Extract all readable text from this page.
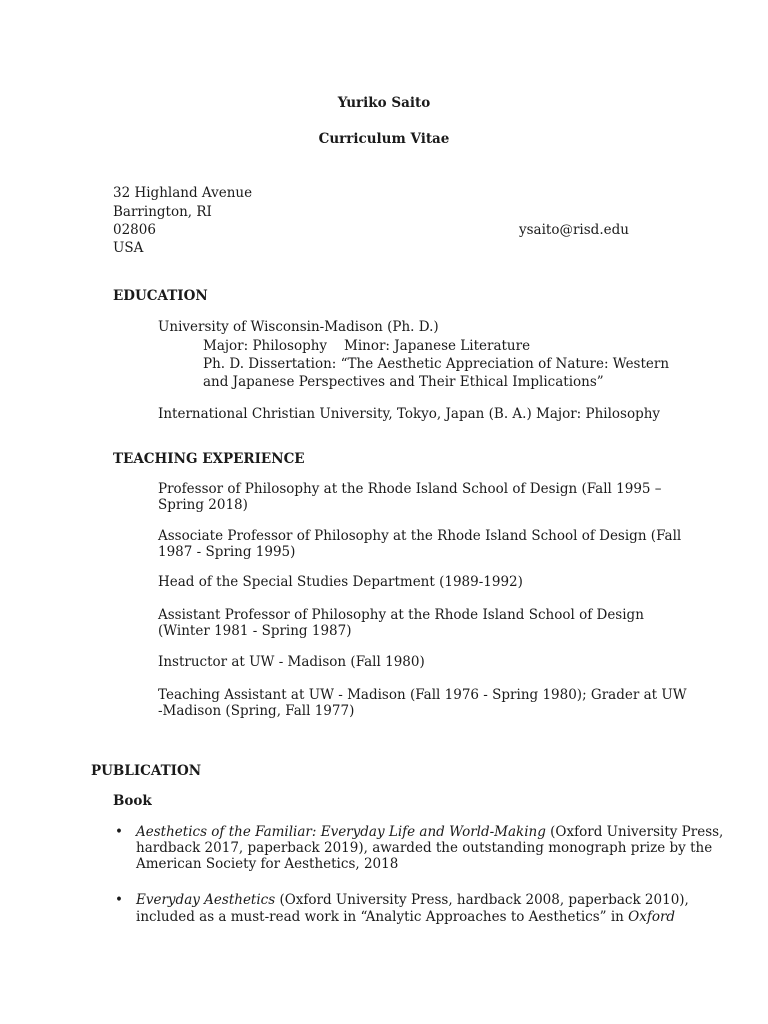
Yuriko Saito
Curriculum Vitae
32 Highland Avenue
Barrington, RI
02806
USA
ysaito@risd.edu
EDUCATION
University of Wisconsin-Madison (Ph. D.)
Major: Philosophy Minor: Japanese Literature
Ph. D. Dissertation: “The Aesthetic Appreciation of Nature: Western
and Japanese Perspectives and Their Ethical Implications”
International Christian University, Tokyo, Japan (B. A.) Major: Philosophy
TEACHING EXPERIENCE
Professor of Philosophy at the Rhode Island School of Design (Fall 1995 –
Spring 2018)
Associate Professor of Philosophy at the Rhode Island School of Design (Fall
1987 - Spring 1995)
Head of the Special Studies Department (1989-1992)
Assistant Professor of Philosophy at the Rhode Island School of Design
(Winter 1981 - Spring 1987)
Instructor at UW - Madison (Fall 1980)
Teaching Assistant at UW - Madison (Fall 1976 - Spring 1980); Grader at UW
-Madison (Spring, Fall 1977)
PUBLICATION
Book
• Aesthetics of the Familiar: Everyday Life and World-Making (Oxford University Press,
hardback 2017, paperback 2019), awarded the outstanding monograph prize by the
American Society for Aesthetics, 2018
• Everyday Aesthetics (Oxford University Press, hardback 2008, paperback 2010),
included as a must-read work in “Analytic Approaches to Aesthetics” in Oxford
